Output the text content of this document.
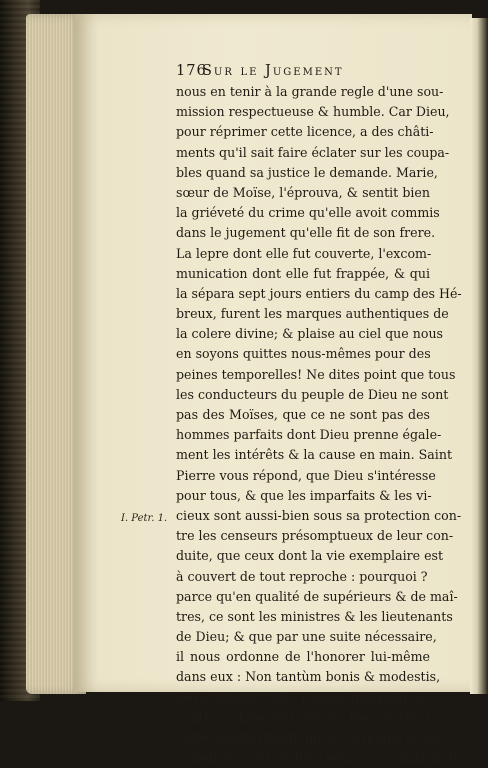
176
Sur le Jugement
nous en tenir à la grande regle d'une sou-
mission respectueuse & humble. Car Dieu,
pour réprimer cette licence, a des châti-
ments qu'il sait faire éclater sur les coupa-
bles quand sa justice le demande. Marie,
sœur de Moïse, l'éprouva, & sentit bien
la griéveté du crime qu'elle avoit commis
dans le jugement qu'elle fit de son frere.
La lepre dont elle fut couverte, l'excom-
munication dont elle fut frappée, & qui
la sépara sept jours entiers du camp des Hé-
breux, furent les marques authentiques de
la colere divine; & plaise au ciel que nous
en soyons quittes nous-mêmes pour des
peines temporelles! Ne dites point que tous
les conducteurs du peuple de Dieu ne sont
pas des Moïses, que ce ne sont pas des
hommes parfaits dont Dieu prenne égale-
ment les intérêts & la cause en main. Saint
Pierre vous répond, que Dieu s'intéresse
pour tous, & que les imparfaits & les vi-
cieux sont aussi-bien sous sa protection con-
tre les censeurs présomptueux de leur con-
duite, que ceux dont la vie exemplaire est
à couvert de tout reproche : pourquoi ?
parce qu'en qualité de supérieurs & de maî-
tres, ce sont les ministres & les lieutenants
de Dieu; & que par une suite nécessaire,
il nous ordonne de l'honorer lui-même
dans eux : Non tantùm bonis & modestis,
sed etiam dyscolis. J'avoue que pour les
contenir dans leur devoir, Dieu permet
cette injuste liberté qu'on se donne de les
censurer; c'est un bien pour eux : mais mal-
I. Petr. 1.
